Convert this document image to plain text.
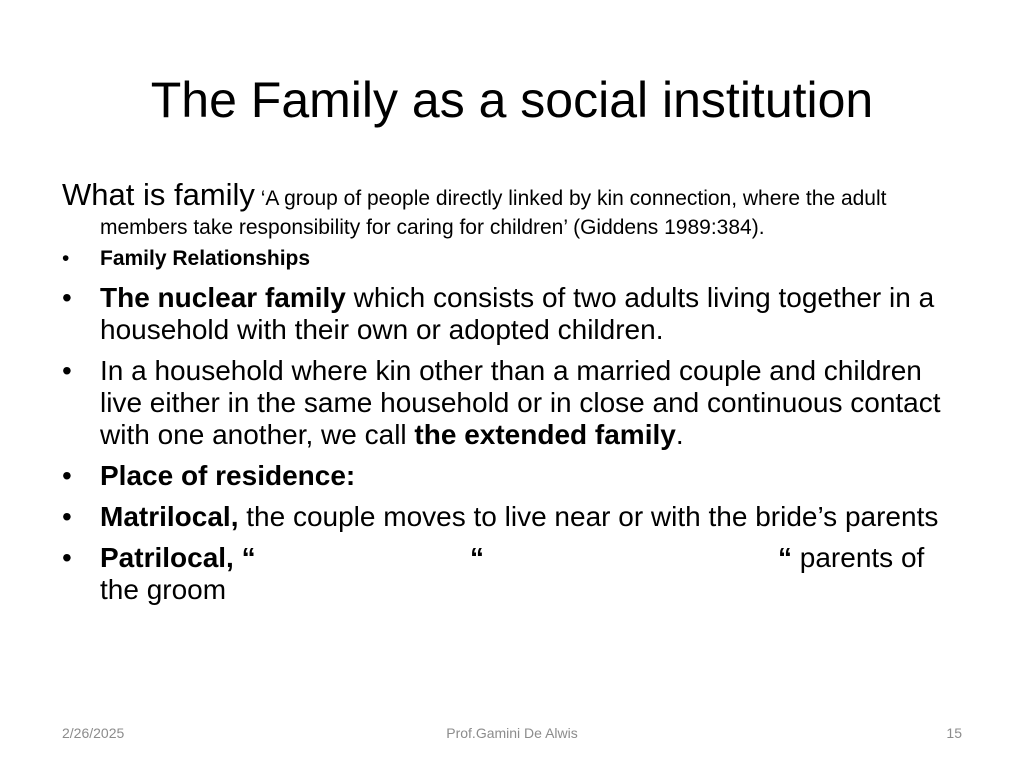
The Family as a social institution
What is family ‘A group of people directly linked by kin connection, where the adult members take responsibility for caring for children’ (Giddens 1989:384).
• Family Relationships
• The nuclear family which consists of two adults living together in a household with their own or adopted children.
• In a household where kin other than a married couple and children live either in the same household or in close and continuous contact with one another, we call the extended family.
• Place of residence:
• Matrilocal, the couple moves to live near or with the bride’s parents
• Patrilocal, “	“	“ parents of
the groom
2/26/2025	Prof.Gamini De Alwis	15
